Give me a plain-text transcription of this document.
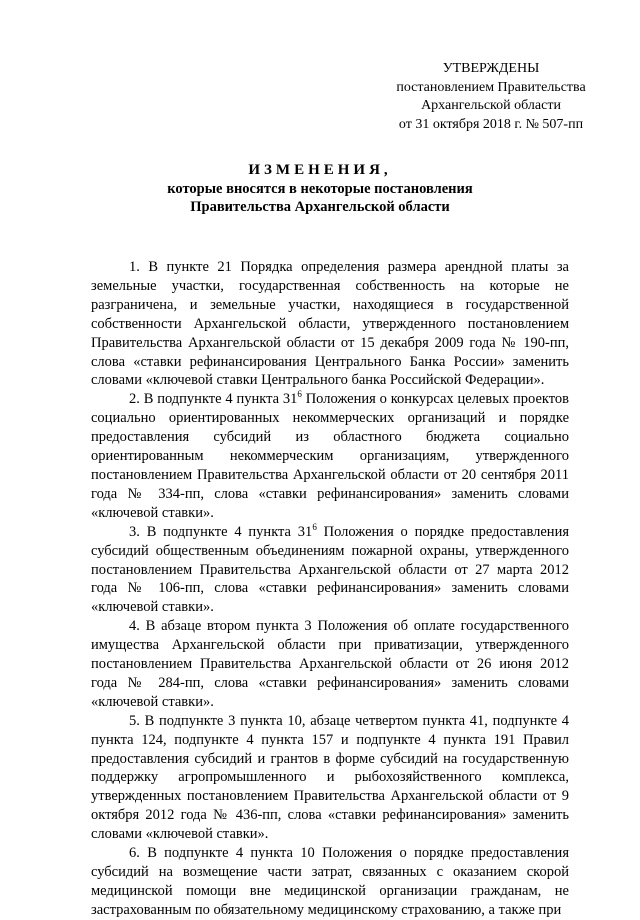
УТВЕРЖДЕНЫ
постановлением Правительства
Архангельской области
от 31 октября 2018 г. № 507-пп
ИЗМЕНЕНИЯ,
которые вносятся в некоторые постановления
Правительства Архангельской области
1. В пункте 21 Порядка определения размера арендной платы за земельные участки, государственная собственность на которые не разграничена, и земельные участки, находящиеся в государственной собственности Архангельской области, утвержденного постановлением Правительства Архангельской области от 15 декабря 2009 года № 190-пп, слова «ставки рефинансирования Центрального Банка России» заменить словами «ключевой ставки Центрального банка Российской Федерации».
2. В подпункте 4 пункта $31^6$ Положения о конкурсах целевых проектов социально ориентированных некоммерческих организаций и порядке предоставления субсидий из областного бюджета социально ориентированным некоммерческим организациям, утвержденного постановлением Правительства Архангельской области от 20 сентября 2011 года № 334-пп, слова «ставки рефинансирования» заменить словами «ключевой ставки».
3. В подпункте 4 пункта $31^6$ Положения о порядке предоставления субсидий общественным объединениям пожарной охраны, утвержденного постановлением Правительства Архангельской области от 27 марта 2012 года № 106-пп, слова «ставки рефинансирования» заменить словами «ключевой ставки».
4. В абзаце втором пункта 3 Положения об оплате государственного имущества Архангельской области при приватизации, утвержденного постановлением Правительства Архангельской области от 26 июня 2012 года № 284-пп, слова «ставки рефинансирования» заменить словами «ключевой ставки».
5. В подпункте 3 пункта 10, абзаце четвертом пункта 41, подпункте 4 пункта 124, подпункте 4 пункта 157 и подпункте 4 пункта 191 Правил предоставления субсидий и грантов в форме субсидий на государственную поддержку агропромышленного и рыбохозяйственного комплекса, утвержденных постановлением Правительства Архангельской области от 9 октября 2012 года № 436-пп, слова «ставки рефинансирования» заменить словами «ключевой ставки».
6. В подпункте 4 пункта 10 Положения о порядке предоставления субсидий на возмещение части затрат, связанных с оказанием скорой медицинской помощи вне медицинской организации гражданам, не застрахованным по обязательному медицинскому страхованию, а также при
